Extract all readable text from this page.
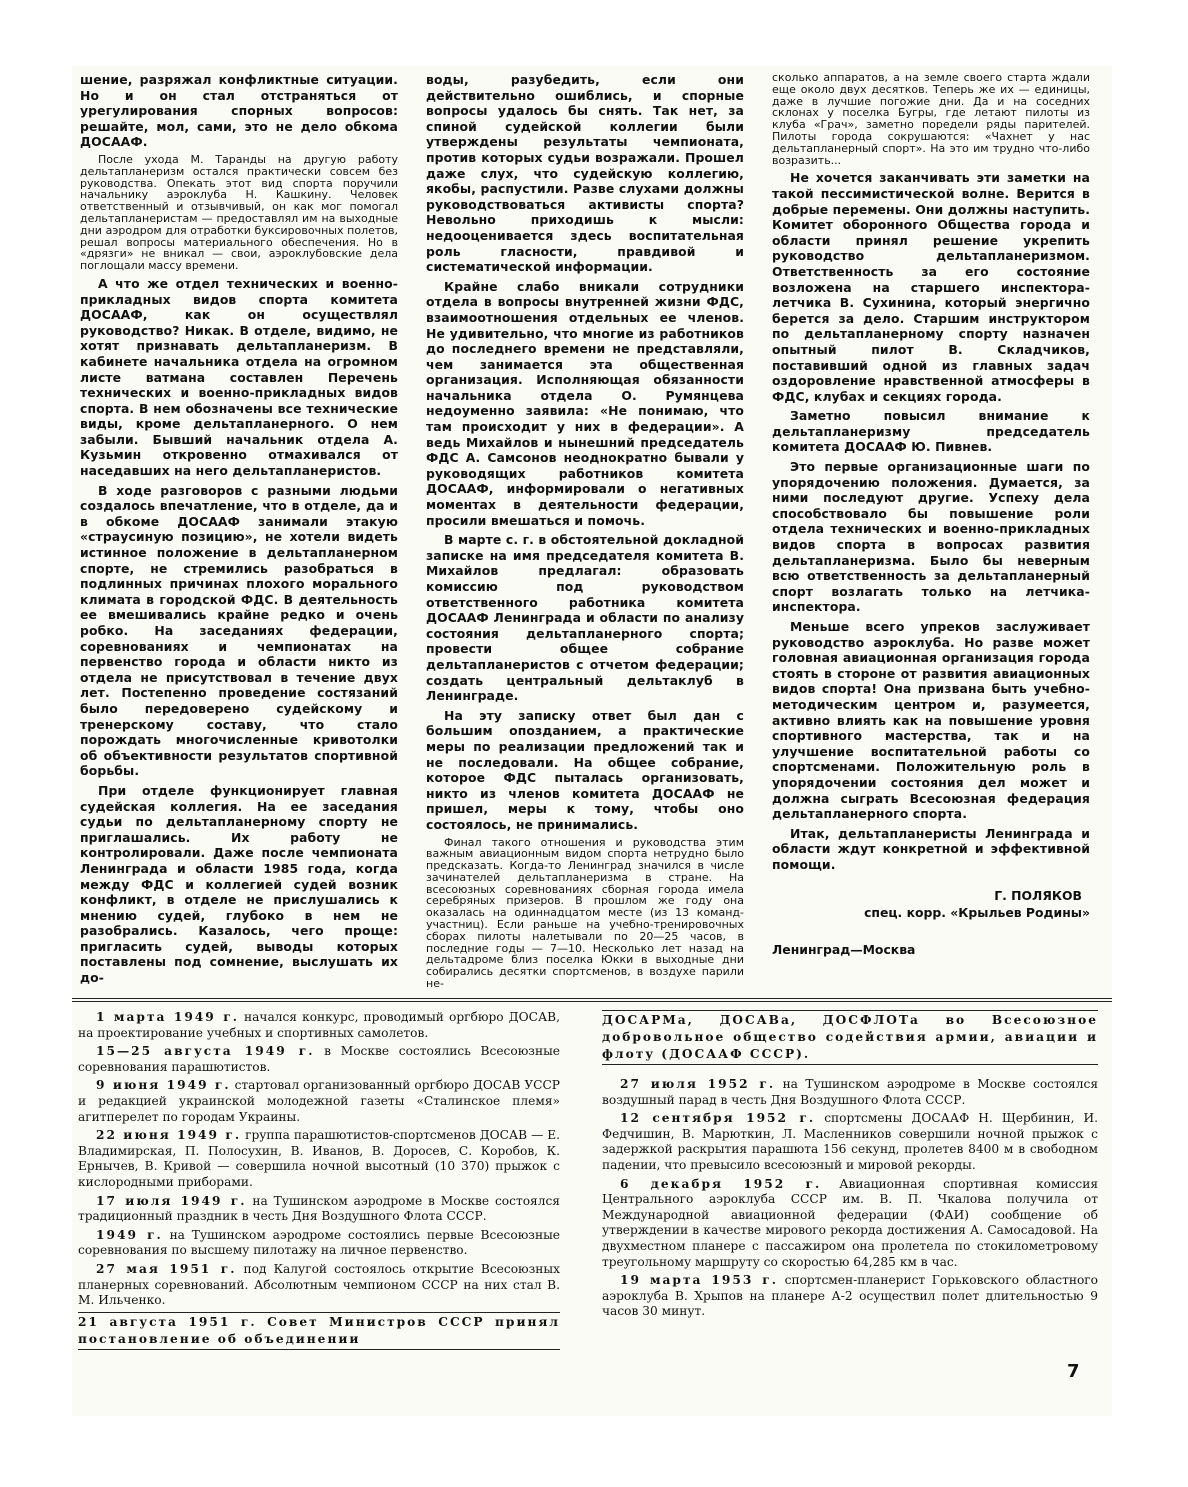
шение, разряжал конфликтные ситуации. Но и он стал отстраняться от урегулирования спорных вопросов: решайте, мол, сами, это не дело обкома ДОСААФ.

После ухода М. Таранды на другую работу дельтапланеризм остался практически совсем без руководства. Опекать этот вид спорта поручили начальнику аэроклуба Н. Кашкину. Человек ответственный и отзывчивый, он как мог помогал дельтапланеристам — предоставлял им на выходные дни аэродром для отработки буксировочных полетов, решал вопросы материального обеспечения. Но в «дрязги» не вникал — свои, аэроклубовские дела поглощали массу времени.

А что же отдел технических и военно-прикладных видов спорта комитета ДОСААФ, как он осуществлял руководство? Никак. В отделе, видимо, не хотят признавать дельтапланеризм. В кабинете начальника отдела на огромном листе ватмана составлен Перечень технических и военно-прикладных видов спорта. В нем обозначены все технические виды, кроме дельтапланерного. О нем забыли. Бывший начальник отдела А. Кузьмин откровенно отмахивался от наседавших на него дельтапланеристов.

В ходе разговоров с разными людьми создалось впечатление, что в отделе, да и в обкоме ДОСААФ занимали этакую «страусиную позицию», не хотели видеть истинное положение в дельтапланерном спорте, не стремились разобраться в подлинных причинах плохого морального климата в городской ФДС. В деятельность ее вмешивались крайне редко и очень робко. На заседаниях федерации, соревнованиях и чемпионатах на первенство города и области никто из отдела не присутствовал в течение двух лет. Постепенно проведение состязаний было передоверено судейскому и тренерскому составу, что стало порождать многочисленные кривотолки об объективности результатов спортивной борьбы.

При отделе функционирует главная судейская коллегия. На ее заседания судьи по дельтапланерному спорту не приглашались. Их работу не контролировали. Даже после чемпионата Ленинграда и области 1985 года, когда между ФДС и коллегией судей возник конфликт, в отделе не прислушались к мнению судей, глубоко в нем не разобрались. Казалось, чего проще: пригласить судей, выводы которых поставлены под сомнение, выслушать их до-

воды, разубедить, если они действительно ошиблись, и спорные вопросы удалось бы снять. Так нет, за спиной судейской коллегии были утверждены результаты чемпионата, против которых судьи возражали. Прошел даже слух, что судейскую коллегию, якобы, распустили. Разве слухами должны руководствоваться активисты спорта? Невольно приходишь к мысли: недооценивается здесь воспитательная роль гласности, правдивой и систематической информации.

Крайне слабо вникали сотрудники отдела в вопросы внутренней жизни ФДС, взаимоотношения отдельных ее членов. Не удивительно, что многие из работников до последнего времени не представляли, чем занимается эта общественная организация. Исполняющая обязанности начальника отдела О. Румянцева недоуменно заявила: «Не понимаю, что там происходит у них в федерации». А ведь Михайлов и нынешний председатель ФДС А. Самсонов неоднократно бывали у руководящих работников комитета ДОСААФ, информировали о негативных моментах в деятельности федерации, просили вмешаться и помочь.

В марте с. г. в обстоятельной докладной записке на имя председателя комитета В. Михайлов предлагал: образовать комиссию под руководством ответственного работника комитета ДОСААФ Ленинграда и области по анализу состояния дельтапланерного спорта; провести общее собрание дельтапланеристов с отчетом федерации; создать центральный дельтаклуб в Ленинграде.

На эту записку ответ был дан с большим опозданием, а практические меры по реализации предложений так и не последовали. На общее собрание, которое ФДС пыталась организовать, никто из членов комитета ДОСААФ не пришел, меры к тому, чтобы оно состоялось, не принимались.

Финал такого отношения и руководства этим важным авиационным видом спорта нетрудно было предсказать. Когда-то Ленинград значился в числе зачинателей дельтапланеризма в стране. На всесоюзных соревнованиях сборная города имела серебряных призеров. В прошлом же году она оказалась на одиннадцатом месте (из 13 команд-участниц). Если раньше на учебно-тренировочных сборах пилоты налетывали по 20—25 часов, в последние годы — 7—10. Несколько лет назад на дельтадроме близ поселка Юкки в выходные дни собирались десятки спортсменов, в воздухе парили не-

сколько аппаратов, а на земле своего старта ждали еще около двух десятков. Теперь же их — единицы, даже в лучшие погожие дни. Да и на соседних склонах у поселка Бугры, где летают пилоты из клуба «Грач», заметно поредели ряды парителей. Пилоты города сокрушаются: «Чахнет у нас дельтапланерный спорт». На это им трудно что-либо возразить...

Не хочется заканчивать эти заметки на такой пессимистической волне. Верится в добрые перемены. Они должны наступить. Комитет оборонного Общества города и области принял решение укрепить руководство дельтапланеризмом. Ответственность за его состояние возложена на старшего инспектора-летчика В. Сухинина, который энергично берется за дело. Старшим инструктором по дельтапланерному спорту назначен опытный пилот В. Складчиков, поставивший одной из главных задач оздоровление нравственной атмосферы в ФДС, клубах и секциях города.

Заметно повысил внимание к дельтапланеризму председатель комитета ДОСААФ Ю. Пивнев.

Это первые организационные шаги по упорядочению положения. Думается, за ними последуют другие. Успеху дела способствовало бы повышение роли отдела технических и военно-прикладных видов спорта в вопросах развития дельтапланеризма. Было бы неверным всю ответственность за дельтапланерный спорт возлагать только на летчика-инспектора.

Меньше всего упреков заслуживает руководство аэроклуба. Но разве может головная авиационная организация города стоять в стороне от развития авиационных видов спорта! Она призвана быть учебно-методическим центром и, разумеется, активно влиять как на повышение уровня спортивного мастерства, так и на улучшение воспитательной работы со спортсменами. Положительную роль в упорядочении состояния дел может и должна сыграть Всесоюзная федерация дельтапланерного спорта.

Итак, дельтапланеристы Ленинграда и области ждут конкретной и эффективной помощи.

Г. ПОЛЯКОВ
спец. корр. «Крыльев Родины»
Ленинград—Москва

1 марта 1949 г. начался конкурс, проводимый оргбюро ДОСАВ, на проектирование учебных и спортивных самолетов.

15—25 августа 1949 г. в Москве состоялись Всесоюзные соревнования парашютистов.

9 июня 1949 г. стартовал организованный оргбюро ДОСАВ УССР и редакцией украинской молодежной газеты «Сталинское племя» агитперелет по городам Украины.

22 июня 1949 г. группа парашютистов-спортсменов ДОСАВ — Е. Владимирская, П. Полосухин, В. Иванов, В. Доросев, С. Коробов, К. Ернычев, В. Кривой — совершила ночной высотный (10 370) прыжок с кислородными приборами.

17 июля 1949 г. на Тушинском аэродроме в Москве состоялся традиционный праздник в честь Дня Воздушного Флота СССР.

1949 г. на Тушинском аэродроме состоялись первые Всесоюзные соревнования по высшему пилотажу на личное первенство.

27 мая 1951 г. под Калугой состоялось открытие Всесоюзных планерных соревнований. Абсолютным чемпионом СССР на них стал В. М. Ильченко.

21 августа 1951 г. Совет Министров СССР принял постановление об объединении

ДОСАРМа, ДОСАВа, ДОСФЛОТа во Всесоюзное добровольное общество содействия армии, авиации и флоту (ДОСААФ СССР).

27 июля 1952 г. на Тушинском аэродроме в Москве состоялся воздушный парад в честь Дня Воздушного Флота СССР.

12 сентября 1952 г. спортсмены ДОСААФ Н. Щербинин, И. Федчишин, В. Марюткин, Л. Масленников совершили ночной прыжок с задержкой раскрытия парашюта 156 секунд, пролетев 8400 м в свободном падении, что превысило всесоюзный и мировой рекорды.

6 декабря 1952 г. Авиационная спортивная комиссия Центрального аэроклуба СССР им. В. П. Чкалова получила от Международной авиационной федерации (ФАИ) сообщение об утверждении в качестве мирового рекорда достижения А. Самосадовой. На двухместном планере с пассажиром она пролетела по стокилометровому треугольному маршруту со скоростью 64,285 км в час.

19 марта 1953 г. спортсмен-планерист Горьковского областного аэроклуба В. Хрыпов на планере А-2 осуществил полет длительностью 9 часов 30 минут.

7
